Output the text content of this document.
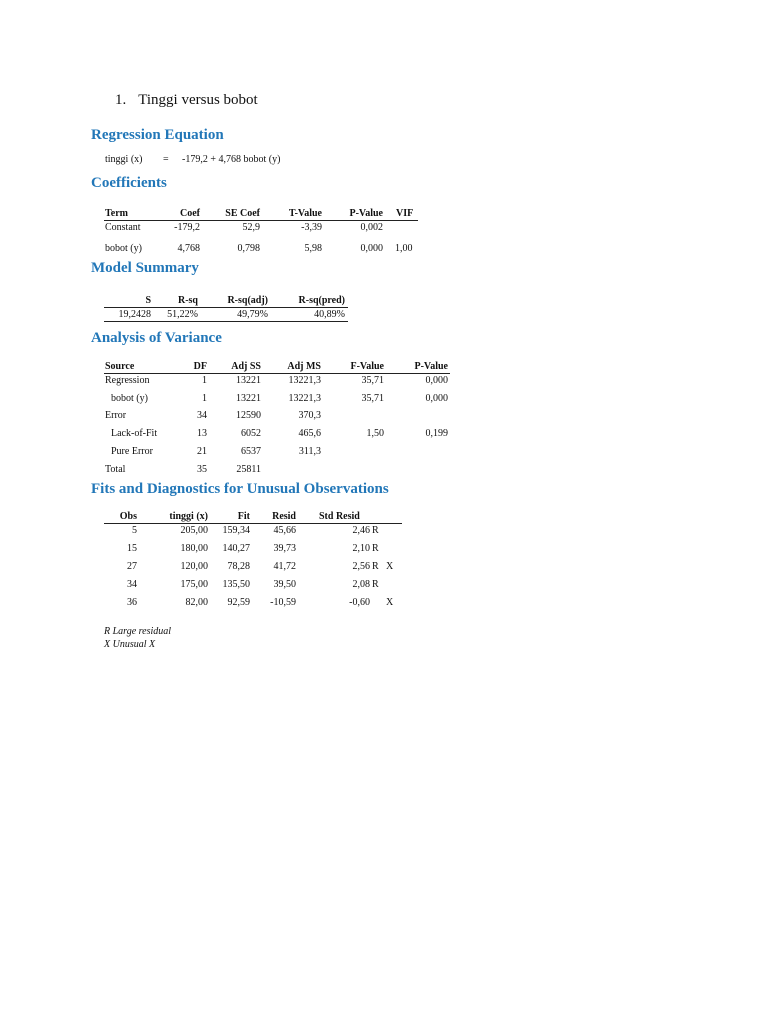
1. Tinggi versus bobot
Regression Equation
tinggi (x) = -179,2 + 4,768 bobot (y)
Coefficients
Term	Coef	SE Coef	T-Value	P-Value VIF
Constant	-179,2	52,9	-3,39	0,002
bobot (y)	4,768	0,798	5,98	0,000 1,00
Model Summary
S	R-sq	R-sq(adj)	R-sq(pred)
19,2428	51,22%	49,79%	40,89%
Analysis of Variance
Source	DF	Adj SS	Adj MS	F-Value	P-Value
Regression	1	13221	13221,3	35,71	0,000
bobot (y)	1	13221	13221,3	35,71	0,000
Error	34	12590	370,3
Lack-of-Fit	13	6052	465,6	1,50	0,199
Pure Error	21	6537	311,3
Total	35	25811
Fits and Diagnostics for Unusual Observations
Obs	tinggi (x)	Fit	Resid Std Resid
5	205,00	159,34	45,66	2,46 R
15	180,00	140,27	39,73	2,10 R
27	120,00	78,28	41,72	2,56 R X
34	175,00	135,50	39,50	2,08 R
36	82,00	92,59	-10,59	-0,60 X
R Large residual
X Unusual X
